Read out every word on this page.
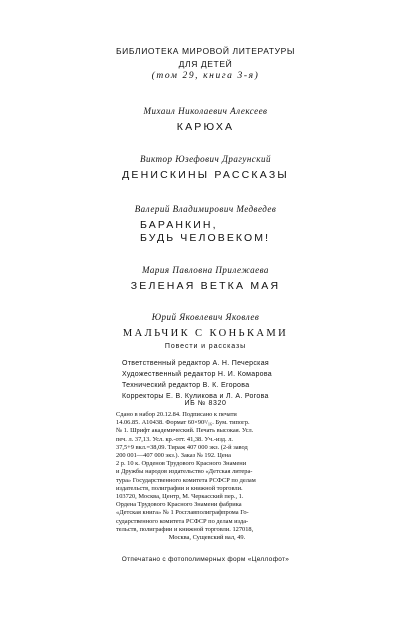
БИБЛИОТЕКА МИРОВОЙ ЛИТЕРАТУРЫ
ДЛЯ ДЕТЕЙ
(том 29, книга 3-я)
Михаил Николаевич Алексеев
КАРЮХА
Виктор Юзефович Драгунский
ДЕНИСКИНЫ РАССКАЗЫ
Валерий Владимирович Медведев
БАРАНКИН,
БУДЬ ЧЕЛОВЕКОМ!
Мария Павловна Прилежаева
ЗЕЛЕНАЯ ВЕТКА МАЯ
Юрий Яковлевич Яковлев
МАЛЬЧИК С КОНЬКАМИ
Повести и рассказы
Ответственный редактор А. Н. Печерская
Художественный редактор Н. И. Комарова
Технический редактор В. К. Егорова
Корректоры Е. В. Куликова и Л. А. Рогова
ИБ № 8320
Сдано в набор 20.12.84. Подписано к печати
14.06.85. А10438. Формат 60×90¹/₁₆. Бум. типогр.
№ 1. Шрифт академический. Печать высокая. Усл.
печ. л. 37,13. Усл. кр.-отт. 41,38. Уч.-изд. л.
37,5+9 вкл.=38,09. Тираж 407 000 экз. (2-й завод
200 001—407 000 экз.). Заказ № 192. Цена
2 р. 10 к. Орденов Трудового Красного Знамени
и Дружбы народов издательство «Детская литера-
тура» Государственного комитета РСФСР по делам
издательств, полиграфии и книжной торговли.
103720, Москва, Центр, М. Черкасский пер., 1.
Ордена Трудового Красного Знамени фабрика
«Детская книга» № 1 Росглавполиграфпрома Го-
сударственного комитета РСФСР по делам изда-
тельств, полиграфии и книжной торговли. 127018,
Москва, Сущевский вал, 49.
Отпечатано с фотополимерных форм «Целлофот»
